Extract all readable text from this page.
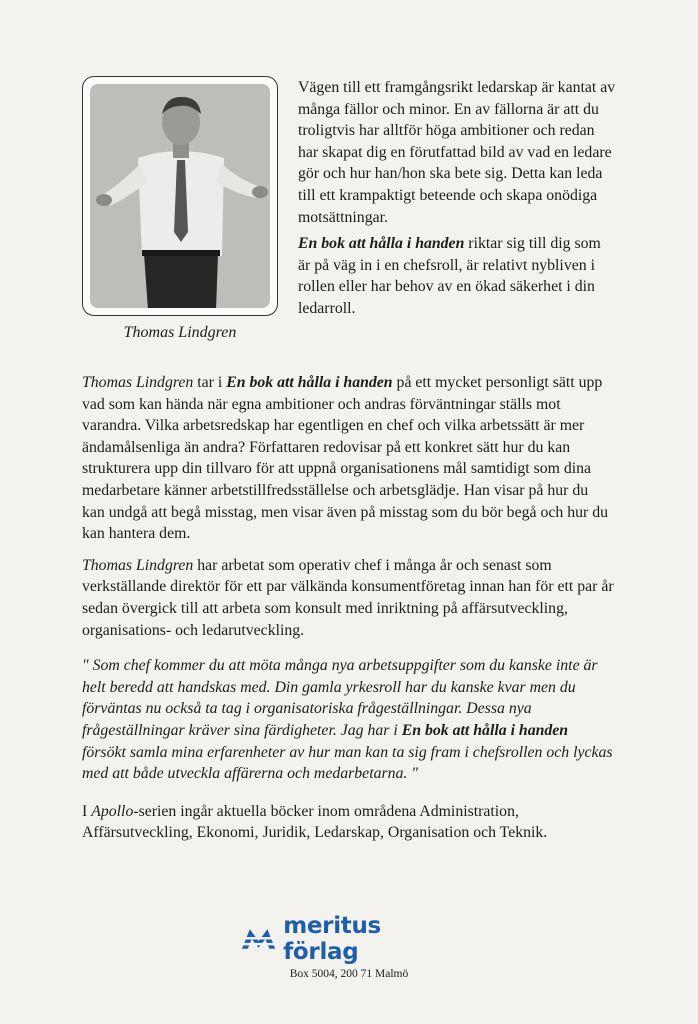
Thomas Lindgren

Vägen till ett framgångsrikt ledarskap är kantat av många fällor och minor. En av fällorna är att du troligtvis har alltför höga ambitioner och redan har skapat dig en förutfattad bild av vad en ledare gör och hur han/hon ska bete sig. Detta kan leda till ett krampaktigt beteende och skapa onödiga motsättningar.

En bok att hålla i handen riktar sig till dig som är på väg in i en chefsroll, är relativt nybliven i rollen eller har behov av en ökad säkerhet i din ledarroll.

Thomas Lindgren tar i En bok att hålla i handen på ett mycket personligt sätt upp vad som kan hända när egna ambitioner och andras förväntningar ställs mot varandra. Vilka arbetsredskap har egentligen en chef och vilka arbetssätt är mer ändamålsenliga än andra? Författaren redovisar på ett konkret sätt hur du kan strukturera upp din tillvaro för att uppnå organisationens mål samtidigt som dina medarbetare känner arbetstillfredsställelse och arbetsglädje. Han visar på hur du kan undgå att begå misstag, men visar även på misstag som du bör begå och hur du kan hantera dem.

Thomas Lindgren har arbetat som operativ chef i många år och senast som verkställande direktör för ett par välkända konsumentföretag innan han för ett par år sedan övergick till att arbeta som konsult med inriktning på affärsutveckling, organisations- och ledarutveckling.

" Som chef kommer du att möta många nya arbetsuppgifter som du kanske inte är helt beredd att handskas med. Din gamla yrkesroll har du kanske kvar men du förväntas nu också ta tag i organisatoriska frågeställningar. Dessa nya frågeställningar kräver sina färdigheter. Jag har i En bok att hålla i handen försökt samla mina erfarenheter av hur man kan ta sig fram i chefsrollen och lyckas med att både utveckla affärerna och medarbetarna. "

I Apollo-serien ingår aktuella böcker inom områdena Administration, Affärsutveckling, Ekonomi, Juridik, Ledarskap, Organisation och Teknik.

meritus förlag
Box 5004, 200 71 Malmö
